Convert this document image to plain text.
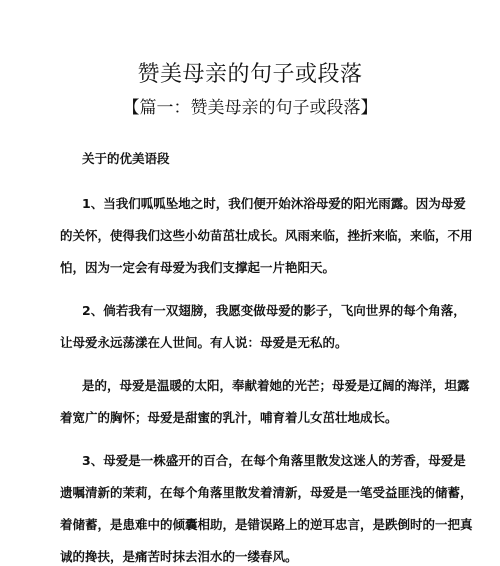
赞美母亲的句子或段落
【篇一：赞美母亲的句子或段落】
关于的优美语段
1、当我们呱呱坠地之时，我们便开始沐浴母爱的阳光雨露。因为母爱
的关怀，使得我们这些小幼苗茁壮成长。风雨来临，挫折来临，来临，不用
怕，因为一定会有母爱为我们支撑起一片艳阳天。
2、倘若我有一双翅膀，我愿变做母爱的影子，飞向世界的每个角落，
让母爱永远荡漾在人世间。有人说：母爱是无私的。
是的，母爱是温暖的太阳，奉献着她的光芒；母爱是辽阔的海洋，坦露
着宽广的胸怀；母爱是甜蜜的乳汁，哺育着儿女茁壮地成长。
3、母爱是一株盛开的百合，在每个角落里散发这迷人的芳香，母爱是
遗嘱清新的茉莉，在每个角落里散发着清新，母爱是一笔受益匪浅的储蓄，
着储蓄，是患难中的倾囊相助，是错误路上的逆耳忠言，是跌倒时的一把真
诚的搀扶，是痛苦时抹去泪水的一缕春风。
